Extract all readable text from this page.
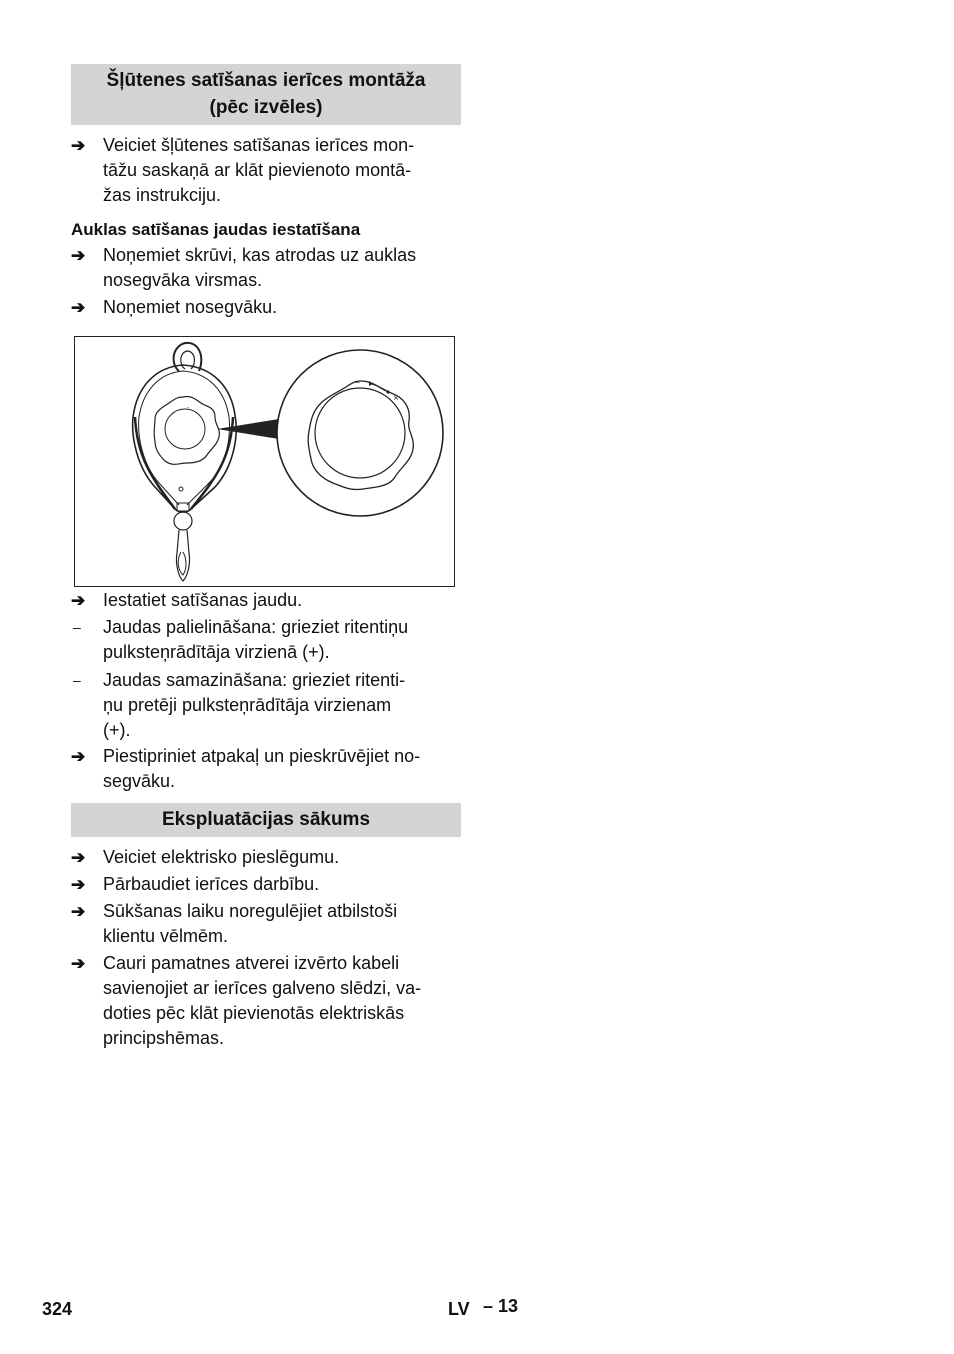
Šļūtenes satīšanas ierīces montāža
(pēc izvēles)
➔ Veiciet šļūtenes satīšanas ierīces mon-
tāžu saskaņā ar klāt pievienoto montā-
žas instrukciju.
Auklas satīšanas jaudas iestatīšana
➔ Noņemiet skrūvi, kas atrodas uz auklas
nosegvāka virsmas.
➔ Noņemiet nosegvāku.
–
–
+
➔ Iestatiet satīšanas jaudu.
–	Jaudas palielināšana: grieziet ritentiņu
pulksteņrādītāja virzienā (+).
–	Jaudas samazināšana: grieziet ritenti-
ņu pretēji pulksteņrādītāja virzienam
(+).
➔ Piestipriniet atpakaļ un pieskrūvējiet no-
segvāku.
Ekspluatācijas sākums
➔ Veiciet elektrisko pieslēgumu.
➔ Pārbaudiet ierīces darbību.
➔ Sūkšanas laiku noregulējiet atbilstoši
klientu vēlmēm.
➔ Cauri pamatnes atverei izvērto kabeli
savienojiet ar ierīces galveno slēdzi, va-
doties pēc klāt pievienotās elektriskās
principshēmas.
324	LV – 13
